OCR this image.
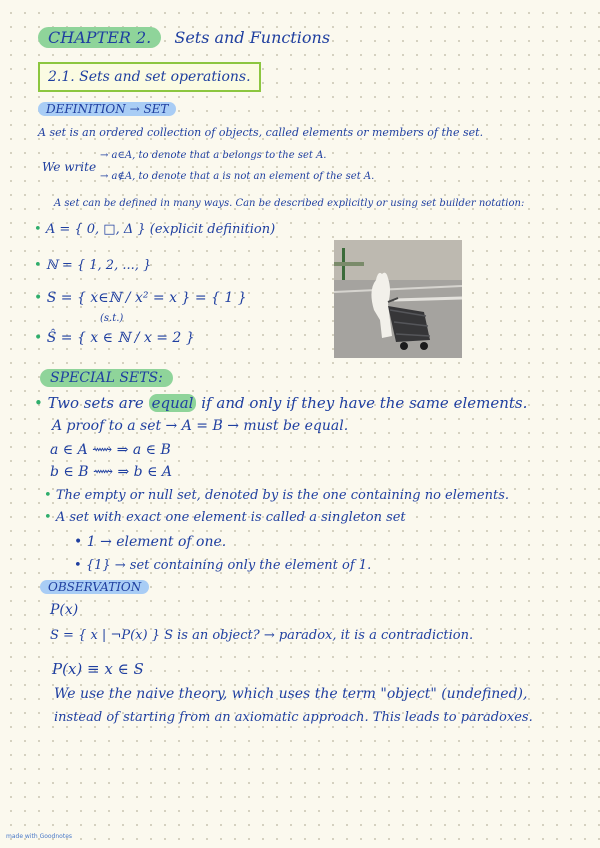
CHAPTER 2. Sets and Functions
2.1. Sets and set operations.
DEFINITION → SET
A set is an ordered collection of objects, called elements or members of the set.
We write
→ a∈A, to denote that a belongs to the set A.
→ a∉A, to denote that a is not an element of the set A.
A set can be defined in many ways. Can be described explicitly or using set builder notation:
• A = { 0, □, Δ } (explicit definition)
• ℕ = { 1, 2, ..., }
• S = { x∈ℕ / x² = x } = { 1 }
(s.t.)
• Ŝ = { x ∈ ℕ / x = 2 }
SPECIAL SETS:
• Two sets are equal if and only if they have the same elements.
A proof to a set → A = B → must be equal.
a ∈ A ⟿ ⇒ a ∈ B
b ∈ B ⟿ ⇒ b ∈ A
• The empty or null set, denoted by is the one containing no elements.
• A set with exact one element is called a singleton set
• 1 → element of one.
• {1} → set containing only the element of 1.
OBSERVATION
P(x)
S = { x | ¬P(x) } S is an object? → paradox, it is a contradiction.
P(x) ≡ x ∈ S
We use the naive theory, which uses the term "object" (undefined),
instead of starting from an axiomatic approach. This leads to paradoxes.
made with Goodnotes
